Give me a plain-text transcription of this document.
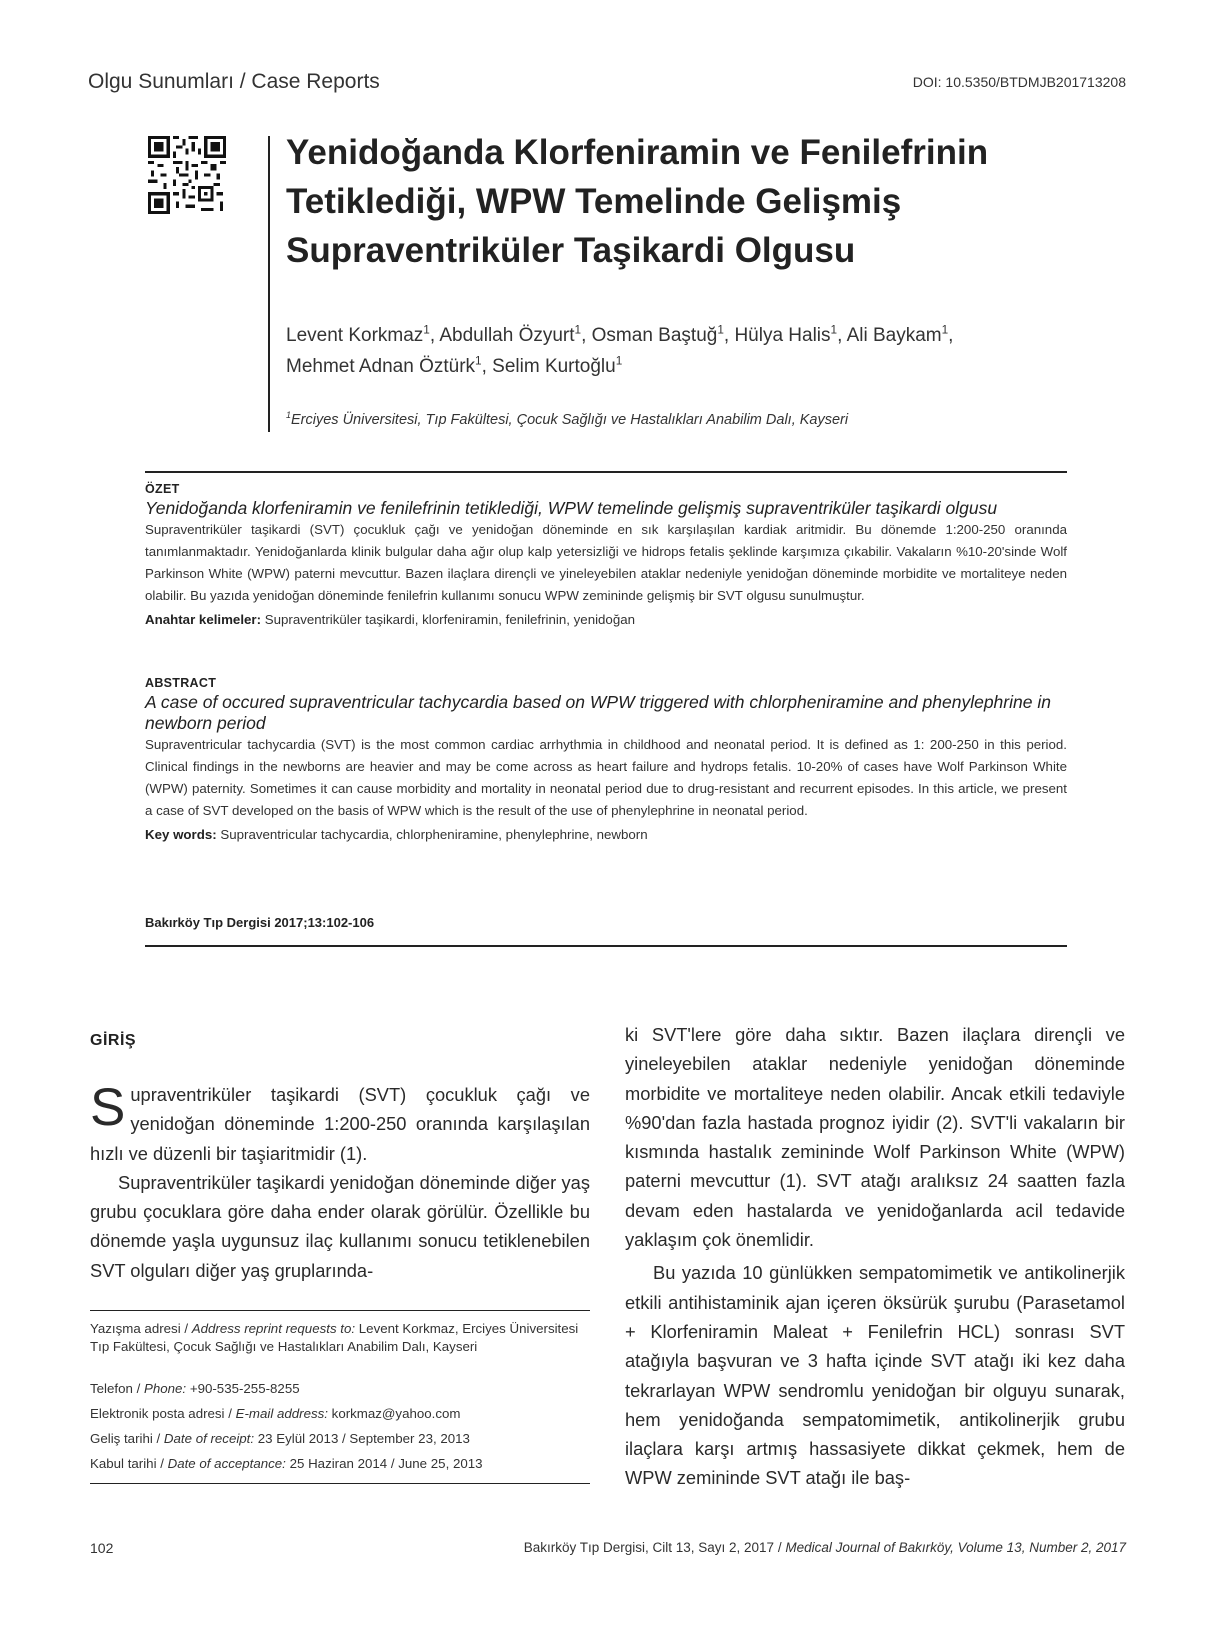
Olgu Sunumları / Case Reports	DOI: 10.5350/BTDMJB201713208
Yenidoğanda Klorfeniramin ve Fenilefrinin
Tetiklediği, WPW Temelinde Gelişmiş
Supraventriküler Taşikardi Olgusu
Levent Korkmaz$^1$, Abdullah Özyurt$^1$, Osman Baştuğ$^1$, Hülya Halis$^1$, Ali Baykam$^1$,
Mehmet Adnan Öztürk$^1$, Selim Kurtoğlu$^1$
$^1$Erciyes Üniversitesi, Tıp Fakültesi, Çocuk Sağlığı ve Hastalıkları Anabilim Dalı, Kayseri
ÖZET
Yenidoğanda klorfeniramin ve fenilefrinin tetiklediği, WPW temelinde gelişmiş supraventriküler taşikardi olgusu
Supraventriküler taşikardi (SVT) çocukluk çağı ve yenidoğan döneminde en sık karşılaşılan kardiak aritmidir. Bu dönemde 1:200-250 oranında tanımlanmaktadır. Yenidoğanlarda klinik bulgular daha ağır olup kalp yetersizliği ve hidrops fetalis şeklinde karşımıza çıkabilir. Vakaların %10-20'sinde Wolf Parkinson White (WPW) paterni mevcuttur. Bazen ilaçlara dirençli ve yineleyebilen ataklar nedeniyle yenidoğan döneminde morbidite ve mortaliteye neden olabilir. Bu yazıda yenidoğan döneminde fenilefrin kullanımı sonucu WPW zemininde gelişmiş bir SVT olgusu sunulmuştur.
Anahtar kelimeler: Supraventriküler taşikardi, klorfeniramin, fenilefrinin, yenidoğan
ABSTRACT
A case of occured supraventricular tachycardia based on WPW triggered with chlorpheniramine and phenylephrine in newborn period
Supraventricular tachycardia (SVT) is the most common cardiac arrhythmia in childhood and neonatal period. It is defined as 1: 200-250 in this period. Clinical findings in the newborns are heavier and may be come across as heart failure and hydrops fetalis. 10-20% of cases have Wolf Parkinson White (WPW) paternity. Sometimes it can cause morbidity and mortality in neonatal period due to drug-resistant and recurrent episodes. In this article, we present a case of SVT developed on the basis of WPW which is the result of the use of phenylephrine in neonatal period.
Key words: Supraventricular tachycardia, chlorpheniramine, phenylephrine, newborn
Bakırköy Tıp Dergisi 2017;13:102-106
GİRİŞ

Supraventriküler taşikardi (SVT) çocukluk çağı ve yenidoğan döneminde 1:200-250 oranında karşılaşılan hızlı ve düzenli bir taşiaritmidir (1).

Supraventriküler taşikardi yenidoğan döneminde diğer yaş grubu çocuklara göre daha ender olarak görülür. Özellikle bu dönemde yaşla uygunsuz ilaç kullanımı sonucu tetiklenebilen SVT olguları diğer yaş gruplarında-

ki SVT'lere göre daha sıktır. Bazen ilaçlara dirençli ve yineleyebilen ataklar nedeniyle yenidoğan döneminde morbidite ve mortaliteye neden olabilir. Ancak etkili tedaviyle %90'dan fazla hastada prognoz iyidir (2). SVT'li vakaların bir kısmında hastalık zemininde Wolf Parkinson White (WPW) paterni mevcuttur (1). SVT atağı aralıksız 24 saatten fazla devam eden hastalarda ve yenidoğanlarda acil tedavide yaklaşım çok önemlidir.

Bu yazıda 10 günlükken sempatomimetik ve antikolinerjik etkili antihistaminik ajan içeren öksürük şurubu (Parasetamol + Klorfeniramin Maleat + Fenilefrin HCL) sonrası SVT atağıyla başvuran ve 3 hafta içinde SVT atağı iki kez daha tekrarlayan WPW sendromlu yenidoğan bir olguyu sunarak, hem yenidoğanda sempatomimetik, antikolinerjik grubu ilaçlara karşı artmış hassasiyete dikkat çekmek, hem de WPW zemininde SVT atağı ile baş-

Yazışma adresi / Address reprint requests to: Levent Korkmaz, Erciyes Üniversitesi Tıp Fakültesi, Çocuk Sağlığı ve Hastalıkları Anabilim Dalı, Kayseri
Telefon / Phone: +90-535-255-8255
Elektronik posta adresi / E-mail address: korkmaz@yahoo.com
Geliş tarihi / Date of receipt: 23 Eylül 2013 / September 23, 2013
Kabul tarihi / Date of acceptance: 25 Haziran 2014 / June 25, 2013
102	Bakırköy Tıp Dergisi, Cilt 13, Sayı 2, 2017 / Medical Journal of Bakırköy, Volume 13, Number 2, 2017
